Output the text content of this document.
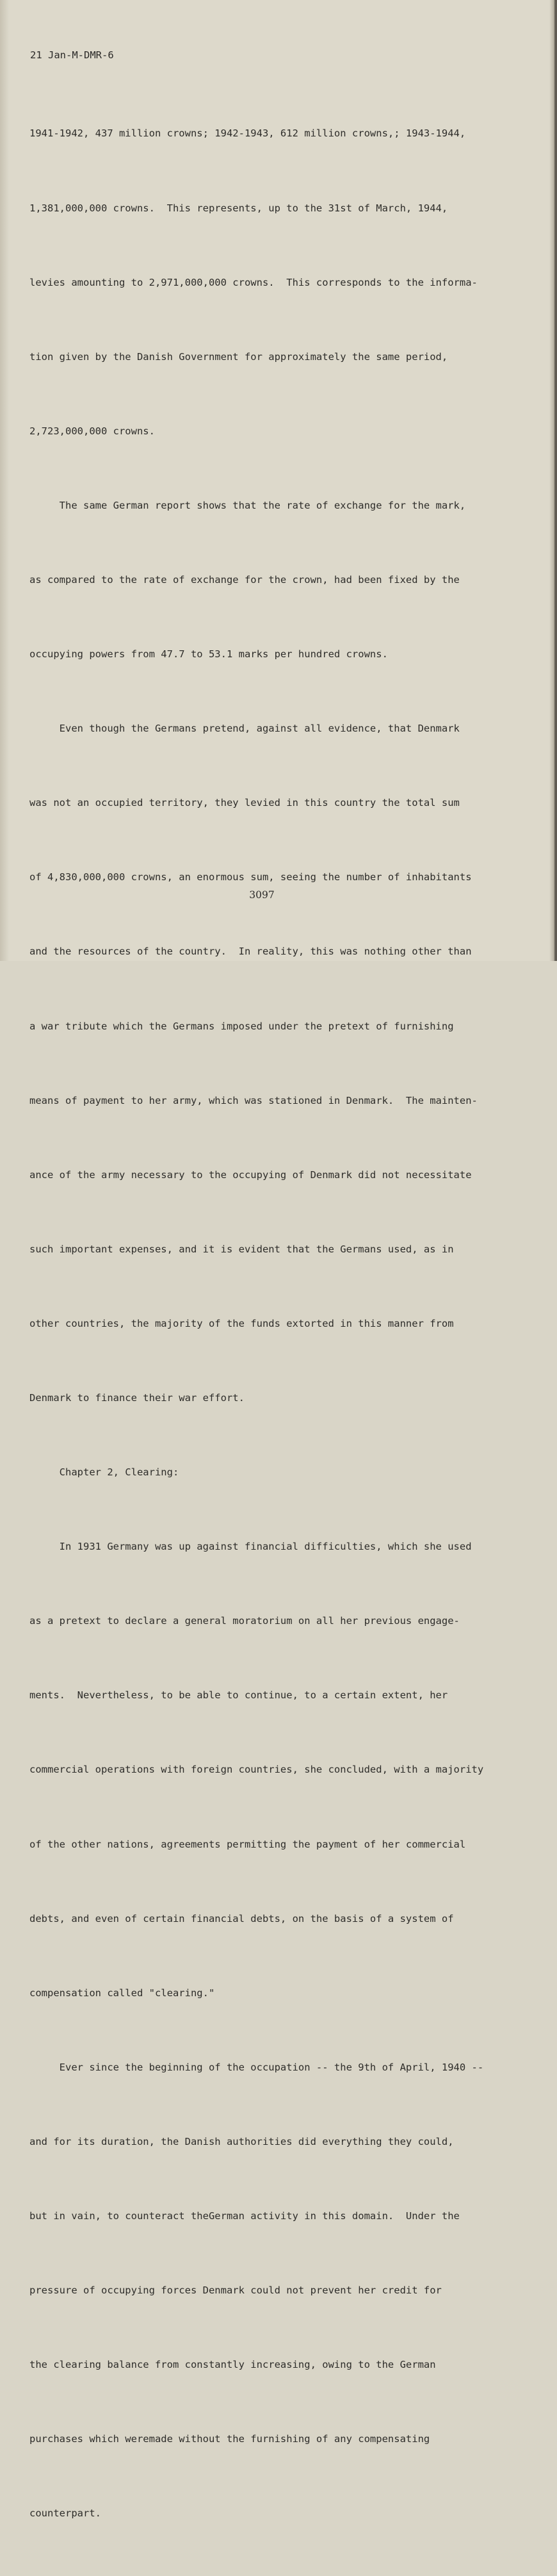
21 Jan-M-DMR-6

1941-1942, 437 million crowns; 1942-1943, 612 million crowns,; 1943-1944,

1,381,000,000 crowns.  This represents, up to the 31st of March, 1944,

levies amounting to 2,971,000,000 crowns.  This corresponds to the informa-

tion given by the Danish Government for approximately the same period,

2,723,000,000 crowns.

The same German report shows that the rate of exchange for the mark,

as compared to the rate of exchange for the crown, had been fixed by the

occupying powers from 47.7 to 53.1 marks per hundred crowns.

Even though the Germans pretend, against all evidence, that Denmark

was not an occupied territory, they levied in this country the total sum

of 4,830,000,000 crowns, an enormous sum, seeing the number of inhabitants

and the resources of the country.  In reality, this was nothing other than

a war tribute which the Germans imposed under the pretext of furnishing

means of payment to her army, which was stationed in Denmark.  The mainten-

ance of the army necessary to the occupying of Denmark did not necessitate

such important expenses, and it is evident that the Germans used, as in

other countries, the majority of the funds extorted in this manner from

Denmark to finance their war effort.

Chapter 2, Clearing:

In 1931 Germany was up against financial difficulties, which she used

as a pretext to declare a general moratorium on all her previous engage-

ments.  Nevertheless, to be able to continue, to a certain extent, her

commercial operations with foreign countries, she concluded, with a majority

of the other nations, agreements permitting the payment of her commercial

debts, and even of certain financial debts, on the basis of a system of

compensation called "clearing."

Ever since the beginning of the occupation -- the 9th of April, 1940 --

and for its duration, the Danish authorities did everything they could,

but in vain, to counteract theGerman activity in this domain.  Under the

pressure of occupying forces Denmark could not prevent her credit for

the clearing balance from constantly increasing, owing to the German

purchases which weremade without the furnishing of any compensating

counterpart.

3097
